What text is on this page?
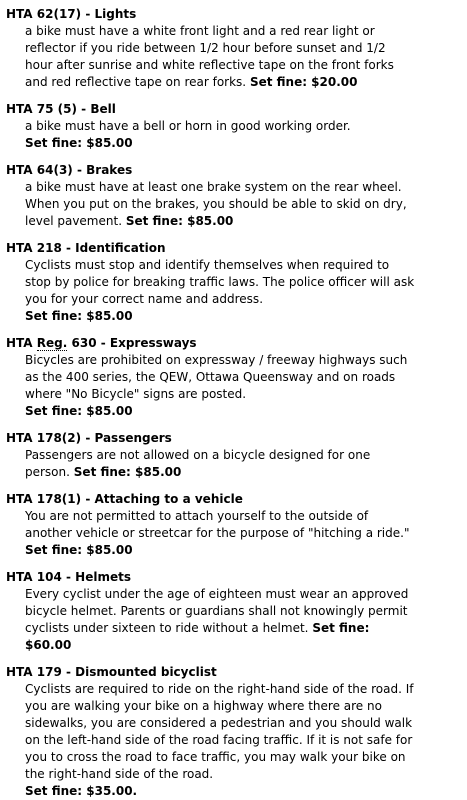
HTA 62(17) - Lights
a bike must have a white front light and a red rear light or reflector if you ride between 1/2 hour before sunset and 1/2 hour after sunrise and white reflective tape on the front forks and red reflective tape on rear forks. Set fine: $20.00
HTA 75 (5) - Bell
a bike must have a bell or horn in good working order.
Set fine: $85.00
HTA 64(3) - Brakes
a bike must have at least one brake system on the rear wheel. When you put on the brakes, you should be able to skid on dry, level pavement. Set fine: $85.00
HTA 218 - Identification
Cyclists must stop and identify themselves when required to stop by police for breaking traffic laws. The police officer will ask you for your correct name and address.
Set fine: $85.00
HTA Reg. 630 - Expressways
Bicycles are prohibited on expressway / freeway highways such as the 400 series, the QEW, Ottawa Queensway and on roads where "No Bicycle" signs are posted.
Set fine: $85.00
HTA 178(2) - Passengers
Passengers are not allowed on a bicycle designed for one person. Set fine: $85.00
HTA 178(1) - Attaching to a vehicle
You are not permitted to attach yourself to the outside of another vehicle or streetcar for the purpose of "hitching a ride." Set fine: $85.00
HTA 104 - Helmets
Every cyclist under the age of eighteen must wear an approved bicycle helmet. Parents or guardians shall not knowingly permit cyclists under sixteen to ride without a helmet. Set fine: $60.00
HTA 179 - Dismounted bicyclist
Cyclists are required to ride on the right-hand side of the road. If you are walking your bike on a highway where there are no sidewalks, you are considered a pedestrian and you should walk on the left-hand side of the road facing traffic. If it is not safe for you to cross the road to face traffic, you may walk your bike on the right-hand side of the road.
Set fine: $35.00.
